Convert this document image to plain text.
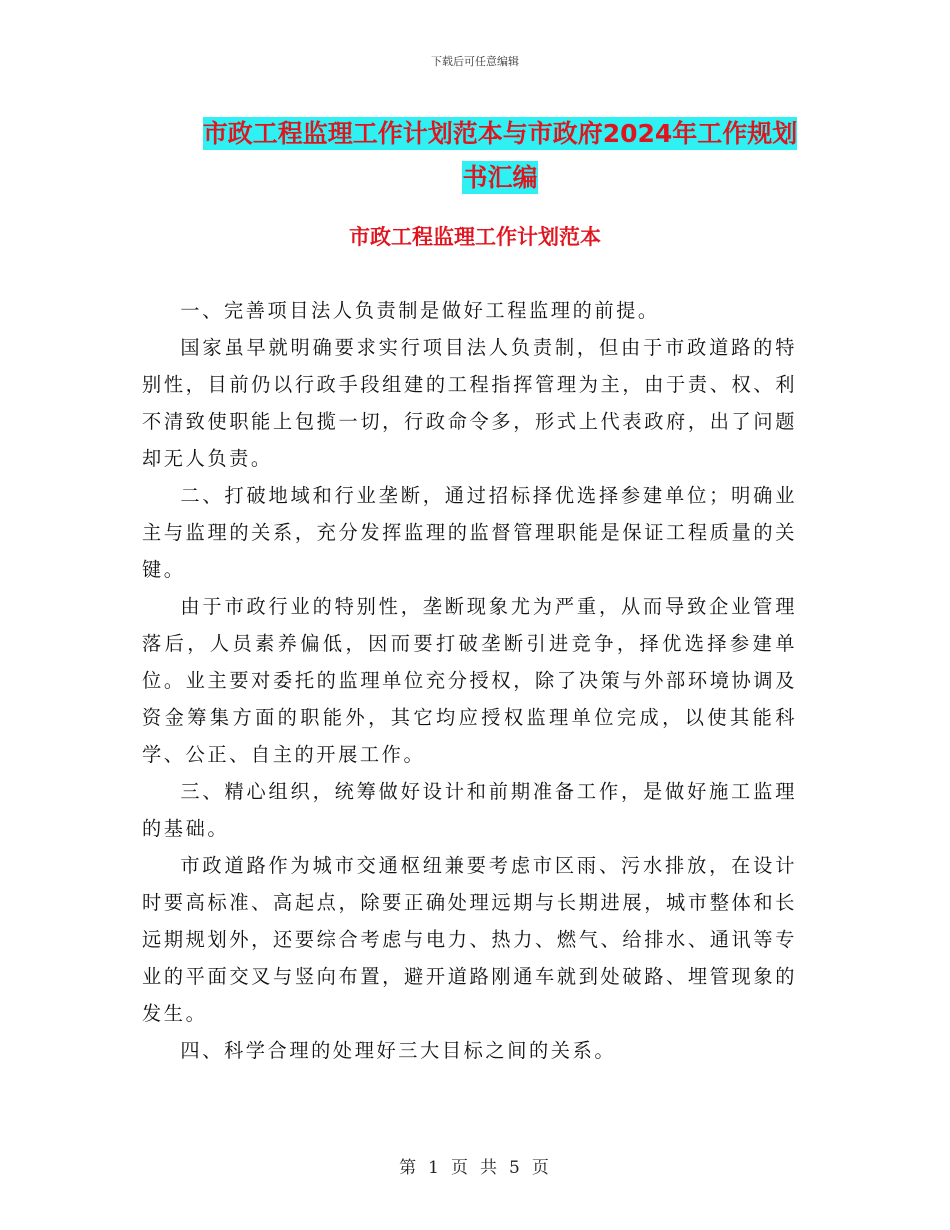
下载后可任意编辑
市政工程监理工作计划范本与市政府2024年工作规划
书汇编
市政工程监理工作计划范本

一、完善项目法人负责制是做好工程监理的前提。

国家虽早就明确要求实行项目法人负责制，但由于市政道路的特别性，目前仍以行政手段组建的工程指挥管理为主，由于责、权、利不清致使职能上包揽一切，行政命令多，形式上代表政府，出了问题却无人负责。

二、打破地域和行业垄断，通过招标择优选择参建单位；明确业主与监理的关系，充分发挥监理的监督管理职能是保证工程质量的关键。

由于市政行业的特别性，垄断现象尤为严重，从而导致企业管理落后，人员素养偏低，因而要打破垄断引进竞争，择优选择参建单位。业主要对委托的监理单位充分授权，除了决策与外部环境协调及资金筹集方面的职能外，其它均应授权监理单位完成，以使其能科学、公正、自主的开展工作。

三、精心组织，统筹做好设计和前期准备工作，是做好施工监理的基础。

市政道路作为城市交通枢纽兼要考虑市区雨、污水排放，在设计时要高标准、高起点，除要正确处理远期与长期进展，城市整体和长远期规划外，还要综合考虑与电力、热力、燃气、给排水、通讯等专业的平面交叉与竖向布置，避开道路刚通车就到处破路、埋管现象的发生。

四、科学合理的处理好三大目标之间的关系。

第 1 页 共 5 页
